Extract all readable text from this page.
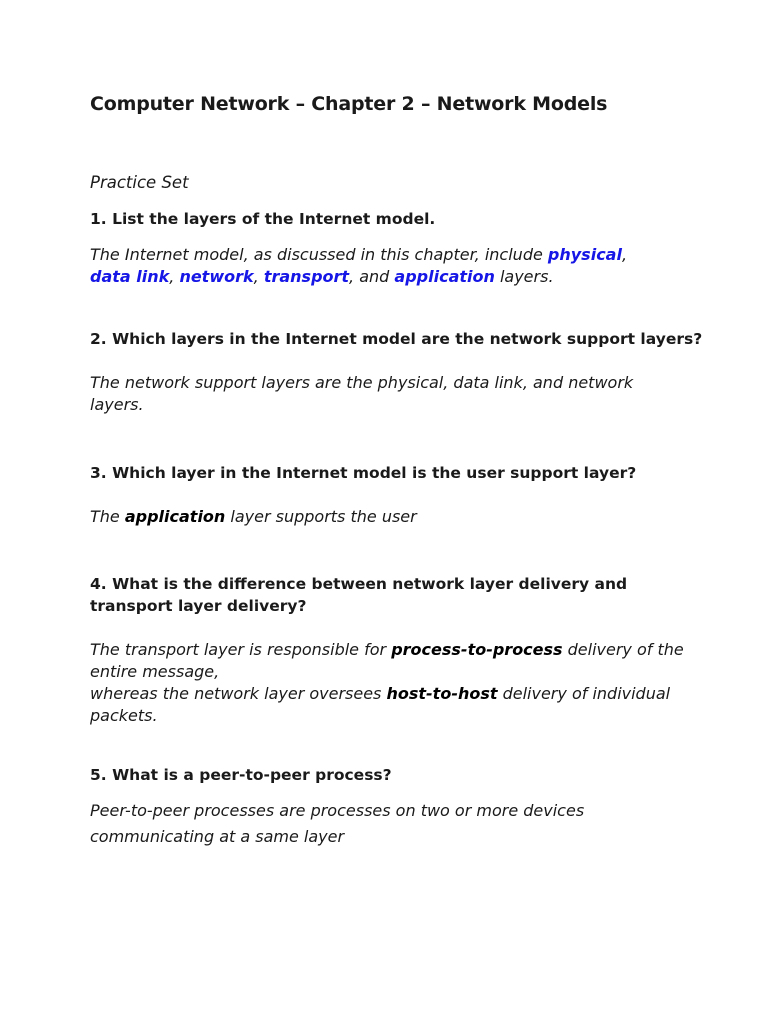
Computer Network – Chapter 2 – Network Models

Practice Set

1. List the layers of the Internet model.

The Internet model, as discussed in this chapter, include physical,
data link, network, transport, and application layers.

2. Which layers in the Internet model are the network support layers?

The network support layers are the physical, data link, and network layers.

3. Which layer in the Internet model is the user support layer?

The application layer supports the user

4. What is the difference between network layer delivery and transport layer delivery?

The transport layer is responsible for process-to-process delivery of the entire message,
whereas the network layer oversees host-to-host delivery of individual packets.

5. What is a peer-to-peer process?

Peer-to-peer processes are processes on two or more devices communicating at a same layer
